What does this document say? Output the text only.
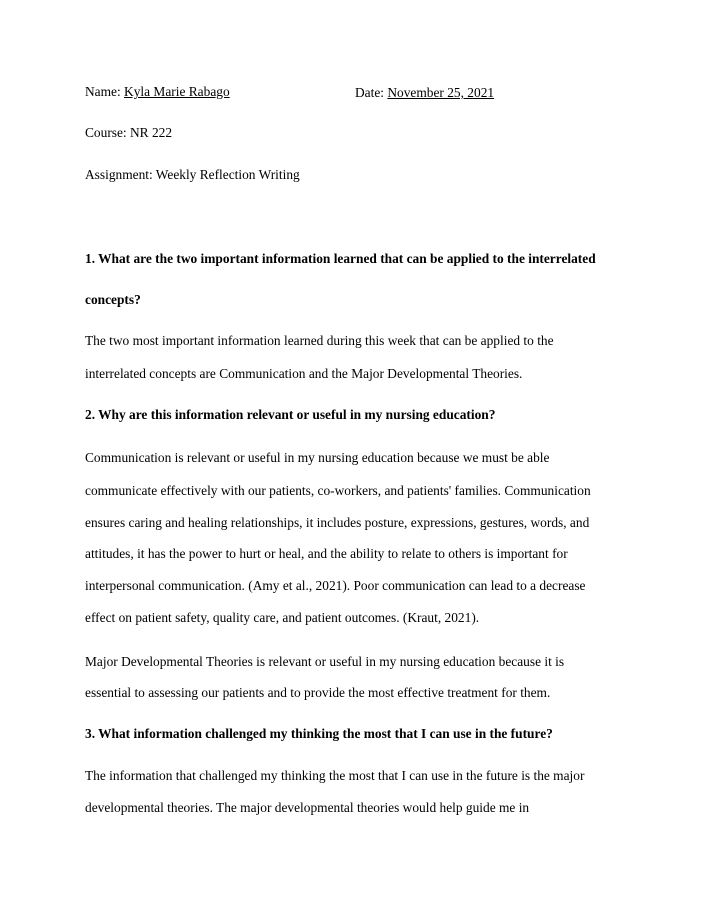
Name: Kyla Marie Rabago	Date: November 25, 2021
Course: NR 222
Assignment: Weekly Reflection Writing
1. What are the two important information learned that can be applied to the interrelated
concepts?
The two most important information learned during this week that can be applied to the
interrelated concepts are Communication and the Major Developmental Theories.
2. Why are this information relevant or useful in my nursing education?
Communication is relevant or useful in my nursing education because we must be able
communicate effectively with our patients, co-workers, and patients' families. Communication
ensures caring and healing relationships, it includes posture, expressions, gestures, words, and
attitudes, it has the power to hurt or heal, and the ability to relate to others is important for
interpersonal communication. (Amy et al., 2021). Poor communication can lead to a decrease
effect on patient safety, quality care, and patient outcomes. (Kraut, 2021).
Major Developmental Theories is relevant or useful in my nursing education because it is
essential to assessing our patients and to provide the most effective treatment for them.
3. What information challenged my thinking the most that I can use in the future?
The information that challenged my thinking the most that I can use in the future is the major
developmental theories. The major developmental theories would help guide me in
